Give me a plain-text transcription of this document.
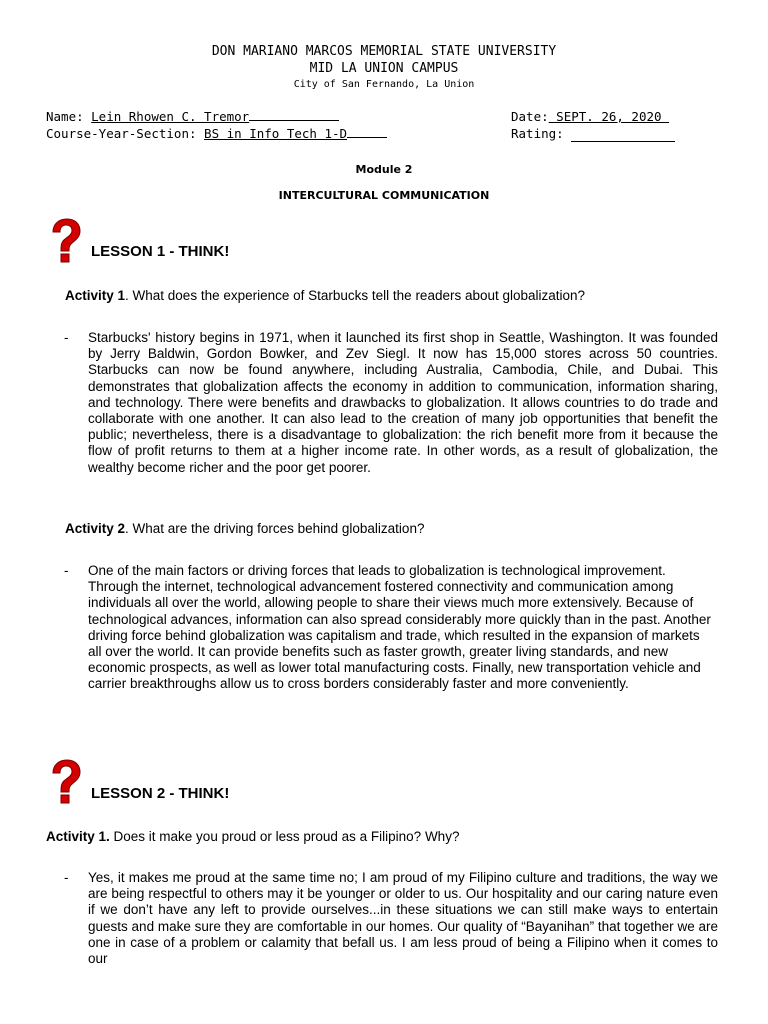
DON MARIANO MARCOS MEMORIAL STATE UNIVERSITY
MID LA UNION CAMPUS
City of San Fernando, La Union
Name: Lein Rhowen C. Tremor
Course-Year-Section: BS in Info Tech 1-D
Date: SEPT. 26, 2020
Rating:
Module 2
INTERCULTURAL COMMUNICATION
LESSON 1 - THINK!
Activity 1. What does the experience of Starbucks tell the readers about globalization?
- Starbucks' history begins in 1971, when it launched its first shop in Seattle, Washington. It was founded by Jerry Baldwin, Gordon Bowker, and Zev Siegl. It now has 15,000 stores across 50 countries. Starbucks can now be found anywhere, including Australia, Cambodia, Chile, and Dubai. This demonstrates that globalization affects the economy in addition to communication, information sharing, and technology. There were benefits and drawbacks to globalization. It allows countries to do trade and collaborate with one another. It can also lead to the creation of many job opportunities that benefit the public; nevertheless, there is a disadvantage to globalization: the rich benefit more from it because the flow of profit returns to them at a higher income rate. In other words, as a result of globalization, the wealthy become richer and the poor get poorer.

Activity 2. What are the driving forces behind globalization?
- One of the main factors or driving forces that leads to globalization is technological improvement. Through the internet, technological advancement fostered connectivity and communication among individuals all over the world, allowing people to share their views much more extensively. Because of technological advances, information can also spread considerably more quickly than in the past. Another driving force behind globalization was capitalism and trade, which resulted in the expansion of markets all over the world. It can provide benefits such as faster growth, greater living standards, and new economic prospects, as well as lower total manufacturing costs. Finally, new transportation vehicle and carrier breakthroughs allow us to cross borders considerably faster and more conveniently.

LESSON 2 - THINK!
Activity 1. Does it make you proud or less proud as a Filipino? Why?
- Yes, it makes me proud at the same time no; I am proud of my Filipino culture and traditions, the way we are being respectful to others may it be younger or older to us. Our hospitality and our caring nature even if we don’t have any left to provide ourselves...in these situations we can still make ways to entertain guests and make sure they are comfortable in our homes. Our quality of “Bayanihan” that together we are one in case of a problem or calamity that befall us. I am less proud of being a Filipino when it comes to our
